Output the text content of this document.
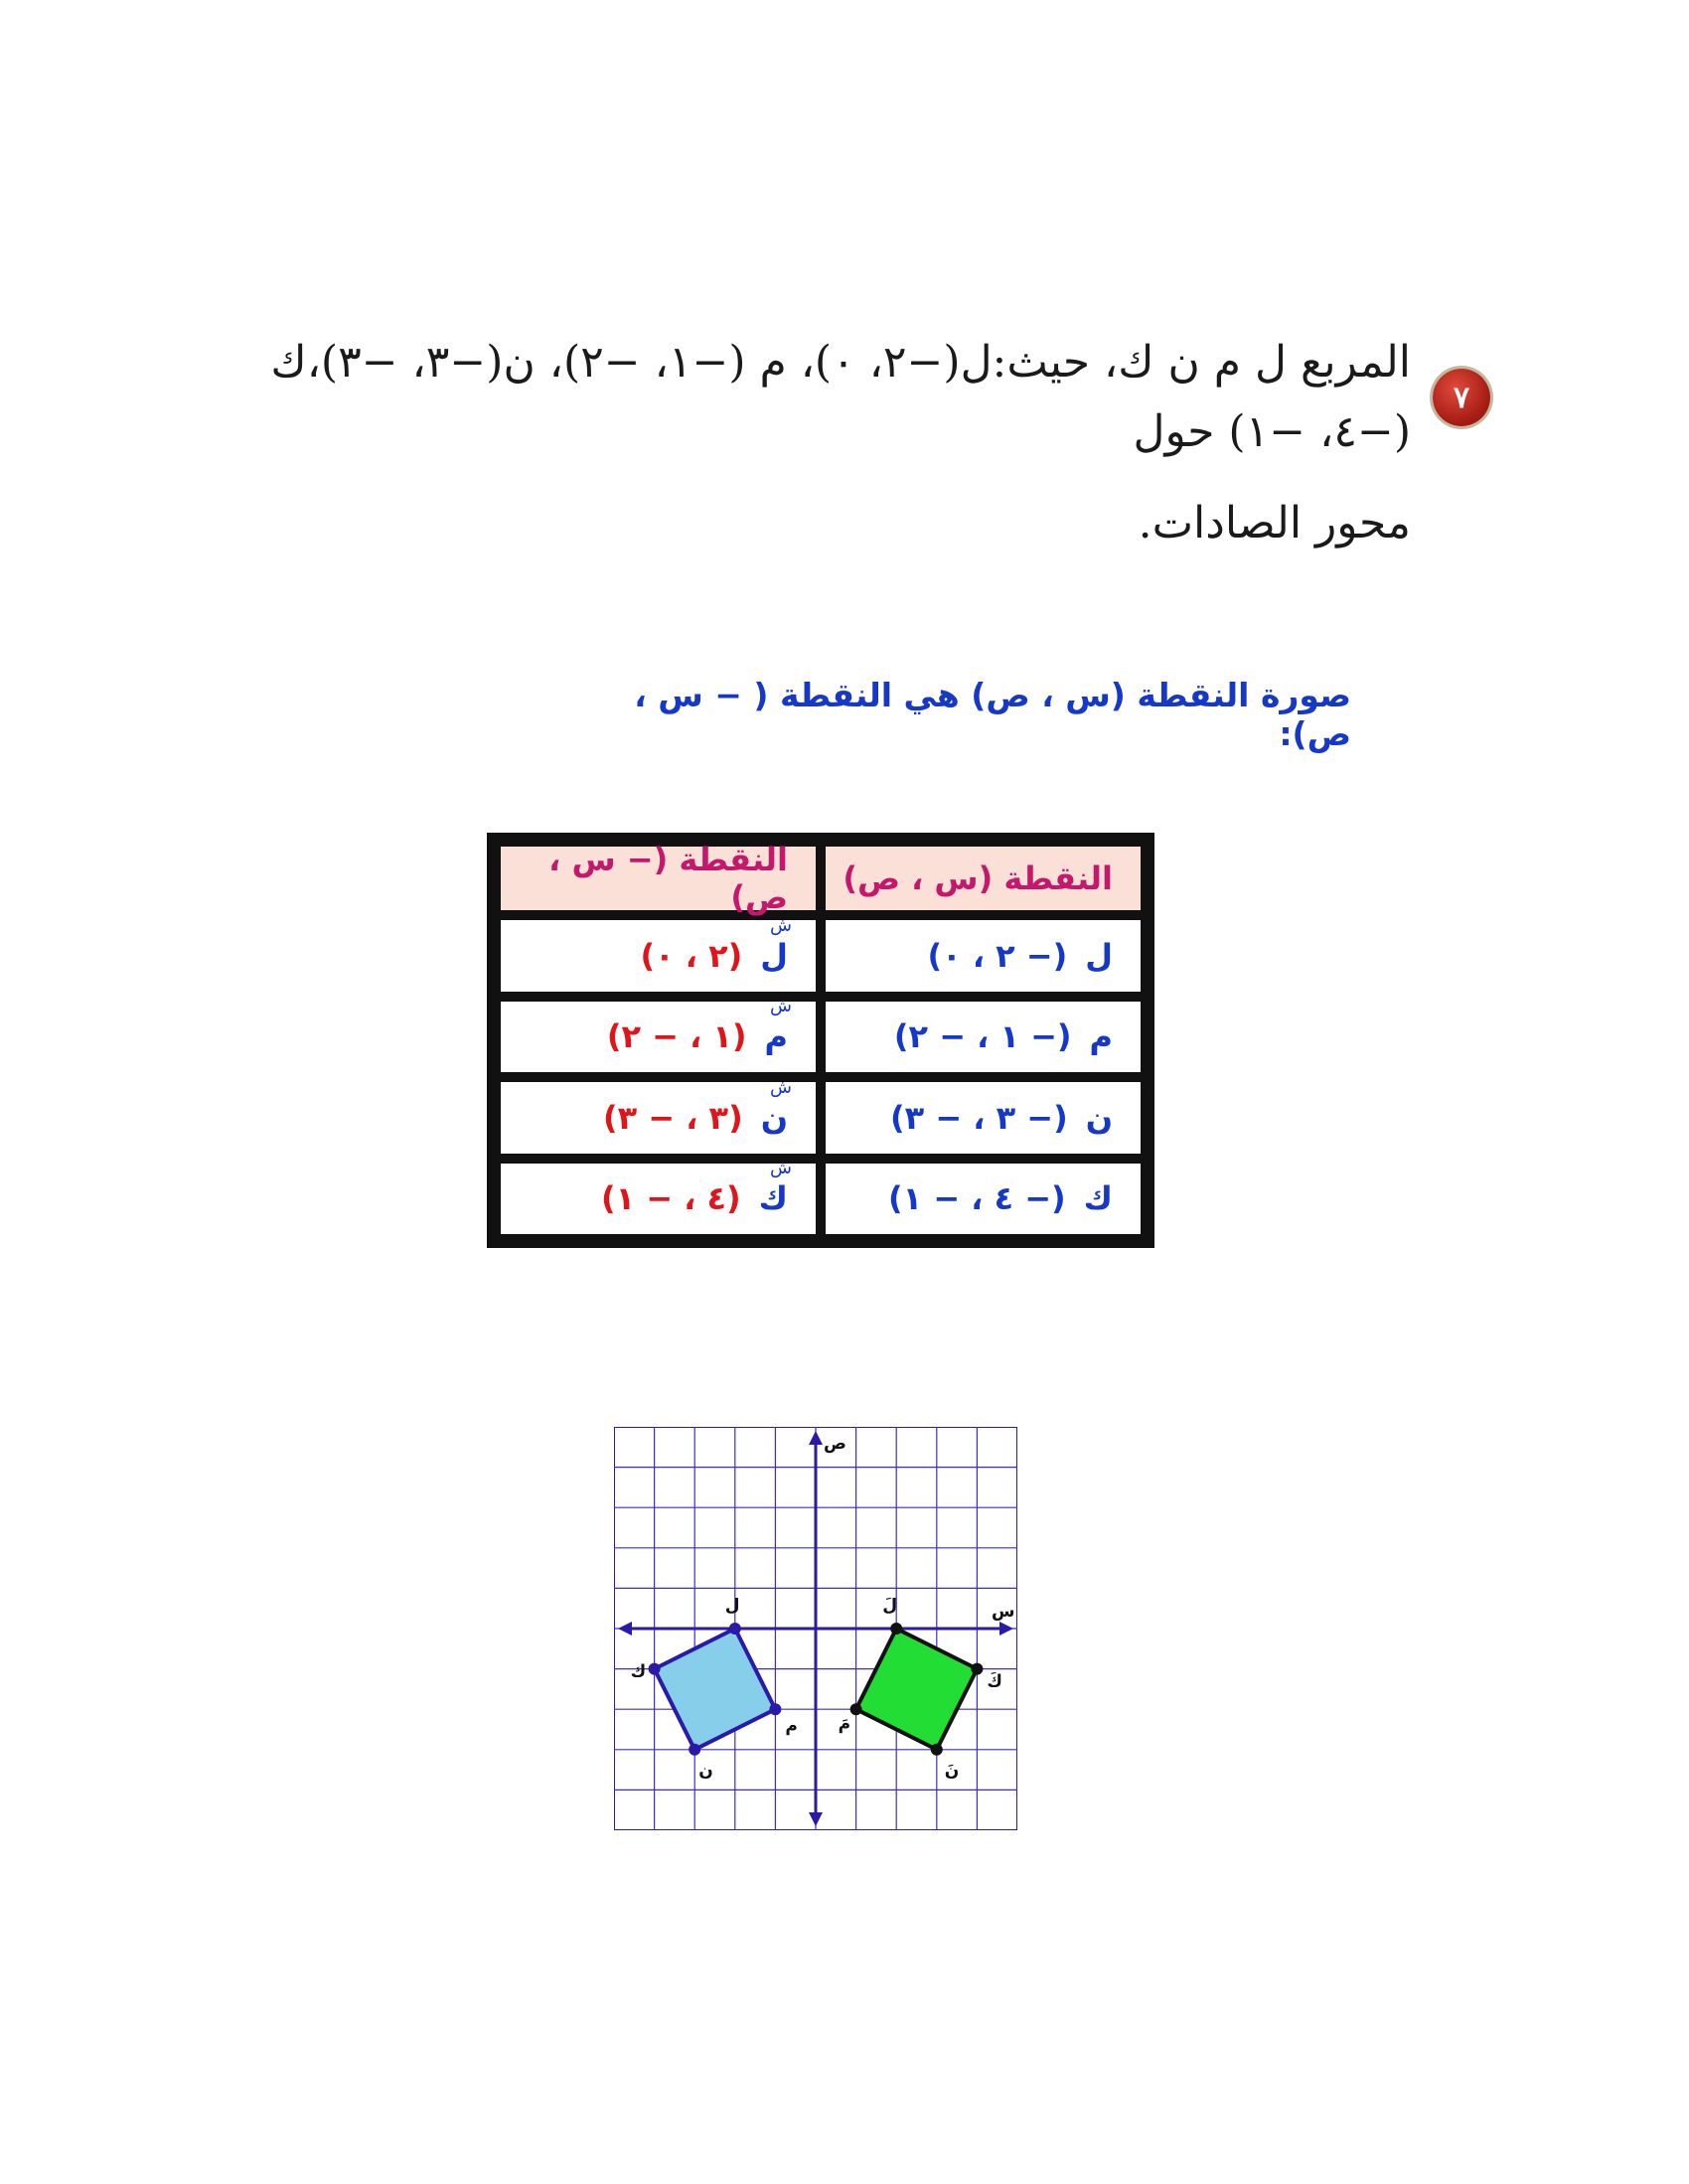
٧
المربع ل م ن ك، حيث:ل(−٢، ٠)، م (−١، −٢)، ن(−٣، −٣)،ك (−٤، −١) حول
محور الصادات.
صورة النقطة (س ، ص) هي النقطة ( − س ، ص):
النقطة (س ، ص)
النقطة (− س ، ص)
ل
(− ٢ ، ٠)
ل
ش
(٢ ، ٠)
م
(− ١ ، − ٢)
م
ش
(١ ، − ٢)
ن
(− ٣ ، − ٣)
ن
ش
(٣ ، − ٣)
ك
(− ٤ ، − ١)
ك
ش
(٤ ، − ١)
س
ص
ل
م
ن
ك
لَ
مَ
نَ
كَ
